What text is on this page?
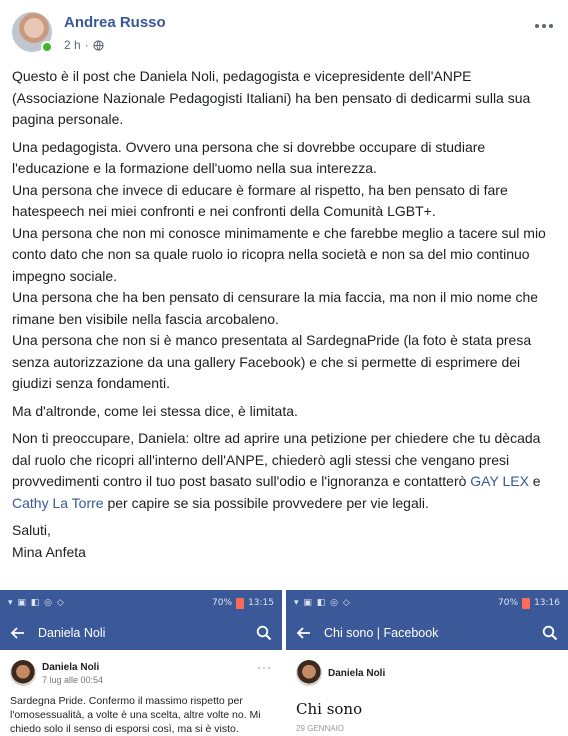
Andrea Russo
2 h ·

Questo è il post che Daniela Noli, pedagogista e vicepresidente dell'ANPE (Associazione Nazionale Pedagogisti Italiani) ha ben pensato di dedicarmi sulla sua pagina personale.

Una pedagogista. Ovvero una persona che si dovrebbe occupare di studiare l'educazione e la formazione dell'uomo nella sua interezza.

Una persona che invece di educare è formare al rispetto, ha ben pensato di fare hatespeech nei miei confronti e nei confronti della Comunità LGBT+.

Una persona che non mi conosce minimamente e che farebbe meglio a tacere sul mio conto dato che non sa quale ruolo io ricopra nella società e non sa del mio continuo impegno sociale.

Una persona che ha ben pensato di censurare la mia faccia, ma non il mio nome che rimane ben visibile nella fascia arcobaleno.

Una persona che non si è manco presentata al SardegnaPride (la foto è stata presa senza autorizzazione da una gallery Facebook) e che si permette di esprimere dei giudizi senza fondamenti.

Ma d'altronde, come lei stessa dice, è limitata.

Non ti preoccupare, Daniela: oltre ad aprire una petizione per chiedere che tu dècada dal ruolo che ricopri all'interno dell'ANPE, chiederò agli stessi che vengano presi provvedimenti contro il tuo post basato sull'odio e l'ignoranza e contatterò GAY LEX e Cathy La Torre per capire se sia possibile provvedere per vie legali.

Saluti,

Mina Anfeta

▾ ▣ ◧ ◎ ◇	70% 13:15
Daniela Noli
Daniela Noli
7 lug alle 00:54
···
Sardegna Pride. Confermo il massimo rispetto per l'omosessualità, a volte è una scelta, altre volte no. Mi chiedo solo il senso di esporsi così, ma si è visto.
▾ ▣ ◧ ◎ ◇	70% 13:16
Chi sono | Facebook
Daniela Noli
Chi sono
29 GENNAIO
